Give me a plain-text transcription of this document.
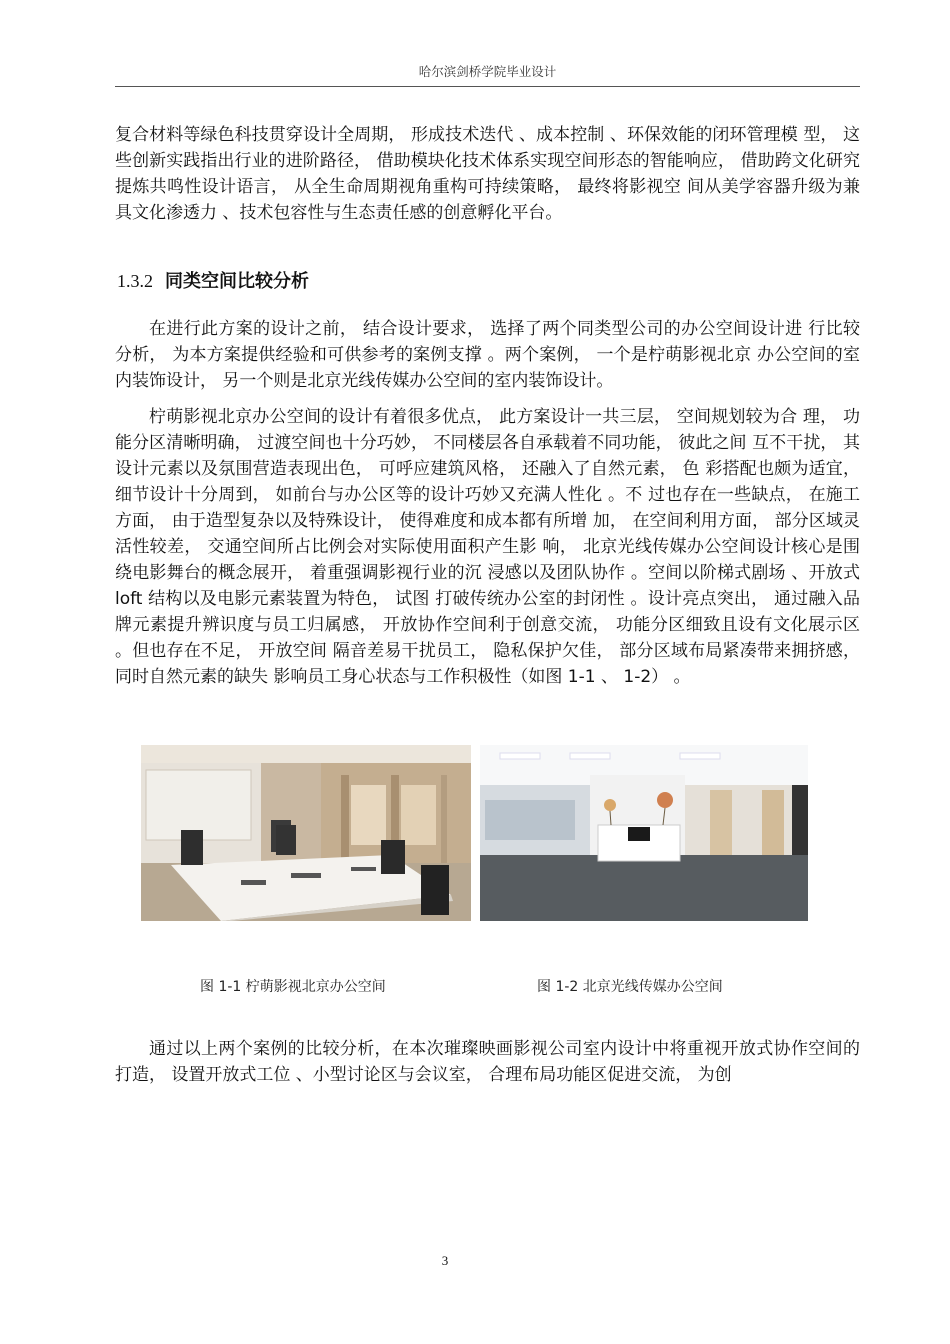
哈尔滨剑桥学院毕业设计

复合材料等绿色科技贯穿设计全周期， 形成技术迭代 、成本控制 、环保效能的闭环管理模 型， 这些创新实践指出行业的进阶路径， 借助模块化技术体系实现空间形态的智能响应， 借助跨文化研究提炼共鸣性设计语言， 从全生命周期视角重构可持续策略， 最终将影视空 间从美学容器升级为兼具文化渗透力 、技术包容性与生态责任感的创意孵化平台。

1.3.2 同类空间比较分析

在进行此方案的设计之前， 结合设计要求， 选择了两个同类型公司的办公空间设计进 行比较分析， 为本方案提供经验和可供参考的案例支撑 。两个案例， 一个是柠萌影视北京 办公空间的室内装饰设计， 另一个则是北京光线传媒办公空间的室内装饰设计。

柠萌影视北京办公空间的设计有着很多优点， 此方案设计一共三层， 空间规划较为合 理， 功能分区清晰明确， 过渡空间也十分巧妙， 不同楼层各自承载着不同功能， 彼此之间 互不干扰， 其设计元素以及氛围营造表现出色， 可呼应建筑风格， 还融入了自然元素， 色 彩搭配也颇为适宜， 细节设计十分周到， 如前台与办公区等的设计巧妙又充满人性化 。不 过也存在一些缺点， 在施工方面， 由于造型复杂以及特殊设计， 使得难度和成本都有所增 加， 在空间利用方面， 部分区域灵活性较差， 交通空间所占比例会对实际使用面积产生影 响， 北京光线传媒办公空间设计核心是围绕电影舞台的概念展开， 着重强调影视行业的沉 浸感以及团队协作 。空间以阶梯式剧场 、开放式 loft 结构以及电影元素装置为特色， 试图 打破传统办公室的封闭性 。设计亮点突出， 通过融入品牌元素提升辨识度与员工归属感， 开放协作空间利于创意交流， 功能分区细致且设有文化展示区 。但也存在不足， 开放空间 隔音差易干扰员工， 隐私保护欠佳， 部分区域布局紧凑带来拥挤感， 同时自然元素的缺失 影响员工身心状态与工作积极性（如图 1-1 、 1-2） 。

图 1-1 柠萌影视北京办公空间	图 1-2 北京光线传媒办公空间

通过以上两个案例的比较分析，在本次璀璨映画影视公司室内设计中将重视开放式协作空间的打造， 设置开放式工位 、小型讨论区与会议室， 合理布局功能区促进交流， 为创

3
